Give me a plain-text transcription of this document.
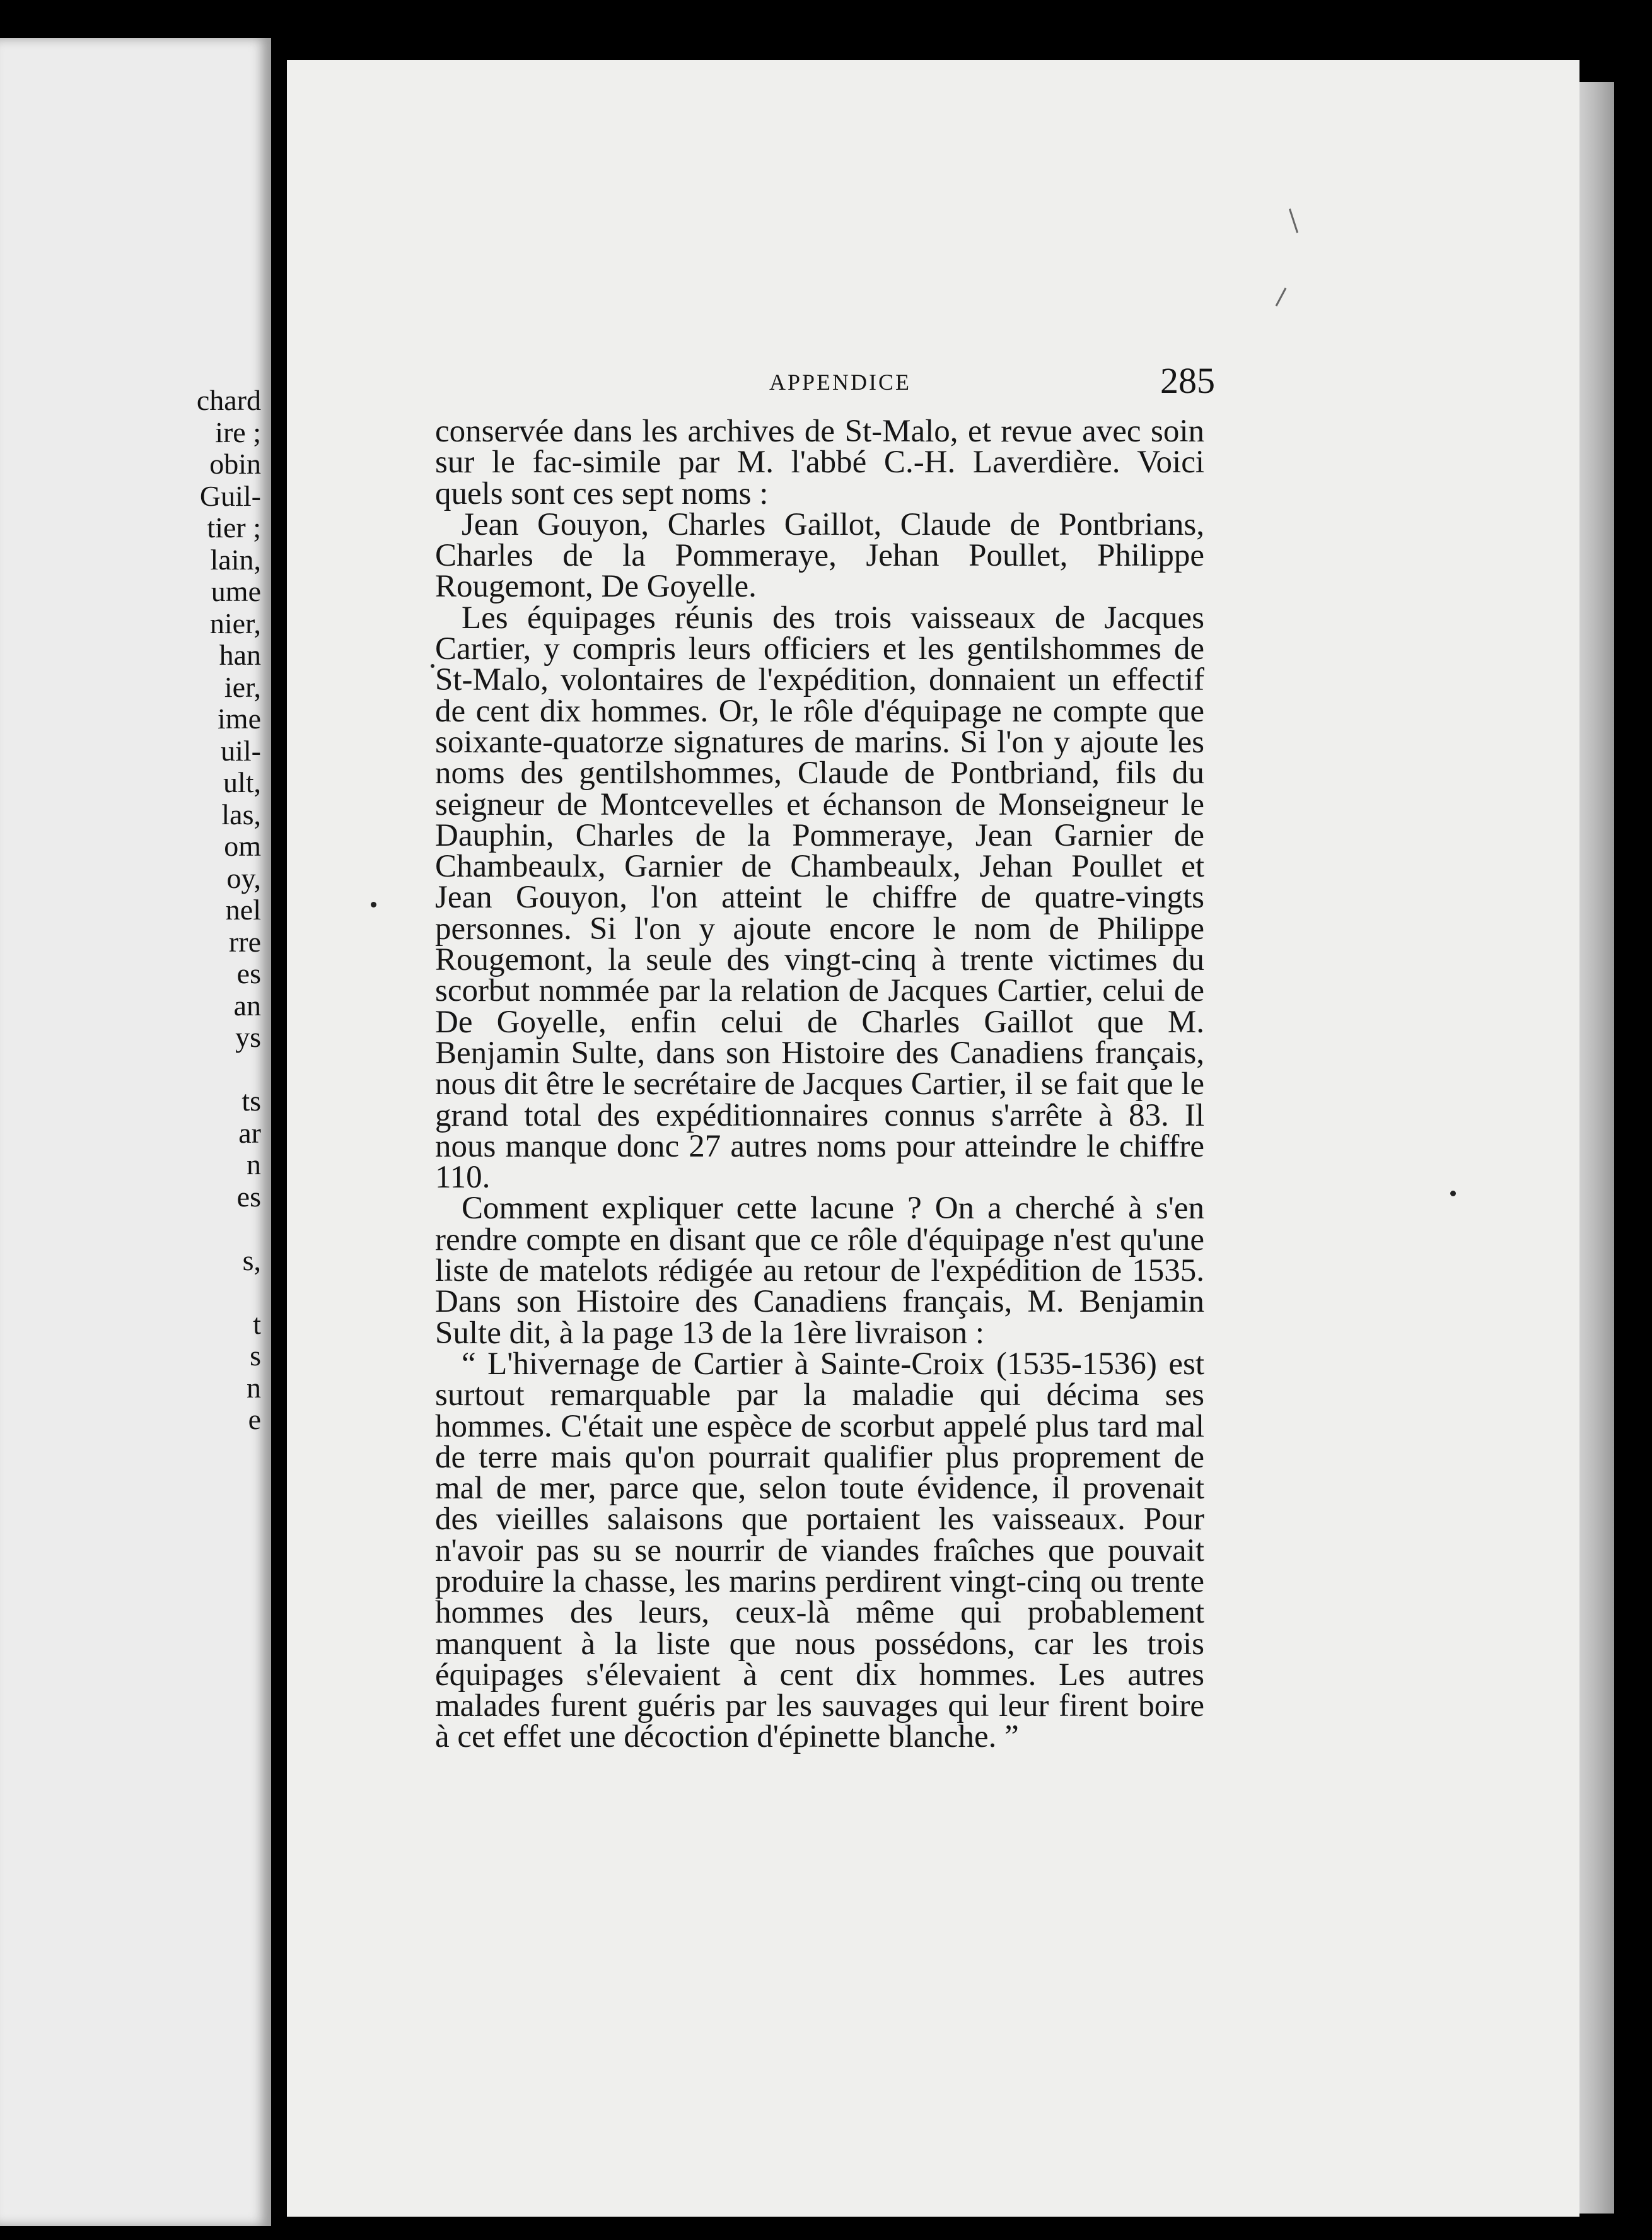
chard
ire ;
obin
Guil-
tier ;
lain,
ume
nier,
han
ier,
ime
uil-
ult,
las,
om
oy,
nel
rre
es
an
ys
ts
ar
n
es
s,
t
s
n
e
APPENDICE	285

conservée dans les archives de St-Malo, et revue avec soin sur le fac-simile par M. l'abbé C.-H. Laverdière. Voici quels sont ces sept noms :

Jean Gouyon, Charles Gaillot, Claude de Pontbrians, Charles de la Pommeraye, Jehan Poullet, Philippe Rougemont, De Goyelle.

Les équipages réunis des trois vaisseaux de Jacques Cartier, y compris leurs officiers et les gentilshommes de St-Malo, volontaires de l'expédition, donnaient un effectif de cent dix hommes. Or, le rôle d'équipage ne compte que soixante-quatorze signatures de marins. Si l'on y ajoute les noms des gentilshommes, Claude de Pontbriand, fils du seigneur de Montcevelles et échanson de Monseigneur le Dauphin, Charles de la Pommeraye, Jean Garnier de Chambeaulx, Garnier de Chambeaulx, Jehan Poullet et Jean Gouyon, l'on atteint le chiffre de quatre-vingts personnes. Si l'on y ajoute encore le nom de Philippe Rougemont, la seule des vingt-cinq à trente victimes du scorbut nommée par la relation de Jacques Cartier, celui de De Goyelle, enfin celui de Charles Gaillot que M. Benjamin Sulte, dans son Histoire des Canadiens français, nous dit être le secrétaire de Jacques Cartier, il se fait que le grand total des expéditionnaires connus s'arrête à 83. Il nous manque donc 27 autres noms pour atteindre le chiffre 110.

Comment expliquer cette lacune ? On a cherché à s'en rendre compte en disant que ce rôle d'équipage n'est qu'une liste de matelots rédigée au retour de l'expédition de 1535. Dans son Histoire des Canadiens français, M. Benjamin Sulte dit, à la page 13 de la 1ère livraison :

“ L'hivernage de Cartier à Sainte-Croix (1535-1536) est surtout remarquable par la maladie qui décima ses hommes. C'était une espèce de scorbut appelé plus tard mal de terre mais qu'on pourrait qualifier plus proprement de mal de mer, parce que, selon toute évidence, il provenait des vieilles salaisons que portaient les vaisseaux. Pour n'avoir pas su se nourrir de viandes fraîches que pouvait produire la chasse, les marins perdirent vingt-cinq ou trente hommes des leurs, ceux-là même qui probablement manquent à la liste que nous possédons, car les trois équipages s'élevaient à cent dix hommes. Les autres malades furent guéris par les sauvages qui leur firent boire à cet effet une décoction d'épinette blanche. ”
